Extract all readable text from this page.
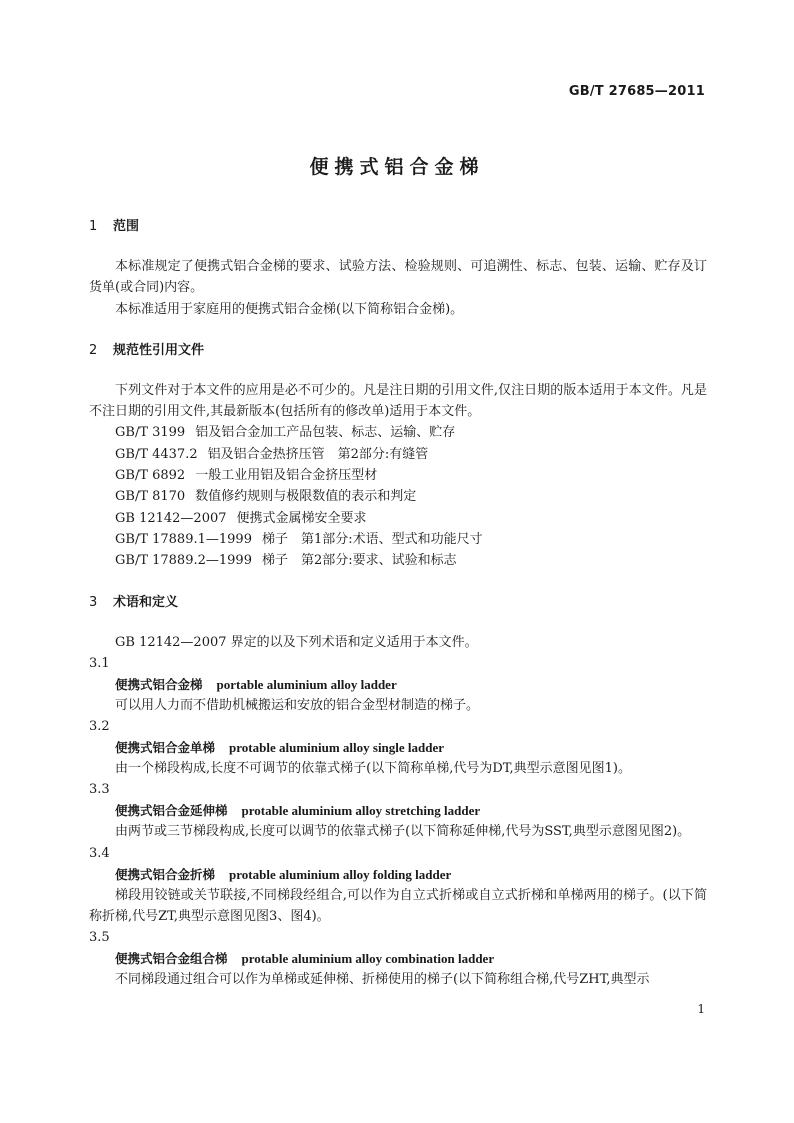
GB/T 27685—2011
便携式铝合金梯
1 范围
本标准规定了便携式铝合金梯的要求、试验方法、检验规则、可追溯性、标志、包装、运输、贮存及订货单(或合同)内容。
本标准适用于家庭用的便携式铝合金梯(以下简称铝合金梯)。
2 规范性引用文件
下列文件对于本文件的应用是必不可少的。凡是注日期的引用文件,仅注日期的版本适用于本文件。凡是不注日期的引用文件,其最新版本(包括所有的修改单)适用于本文件。
GB/T 3199 铝及铝合金加工产品包装、标志、运输、贮存
GB/T 4437.2 铝及铝合金热挤压管　第2部分:有缝管
GB/T 6892 一般工业用铝及铝合金挤压型材
GB/T 8170 数值修约规则与极限数值的表示和判定
GB 12142—2007 便携式金属梯安全要求
GB/T 17889.1—1999 梯子　第1部分:术语、型式和功能尺寸
GB/T 17889.2—1999 梯子　第2部分:要求、试验和标志
3 术语和定义
GB 12142—2007 界定的以及下列术语和定义适用于本文件。
3.1
便携式铝合金梯 portable aluminium alloy ladder
可以用人力而不借助机械搬运和安放的铝合金型材制造的梯子。
3.2
便携式铝合金单梯 protable aluminium alloy single ladder
由一个梯段构成,长度不可调节的依靠式梯子(以下简称单梯,代号为DT,典型示意图见图1)。
3.3
便携式铝合金延伸梯 protable aluminium alloy stretching ladder
由两节或三节梯段构成,长度可以调节的依靠式梯子(以下简称延伸梯,代号为SST,典型示意图见图2)。
3.4
便携式铝合金折梯 protable aluminium alloy folding ladder
梯段用铰链或关节联接,不同梯段经组合,可以作为自立式折梯或自立式折梯和单梯两用的梯子。(以下简称折梯,代号ZT,典型示意图见图3、图4)。
3.5
便携式铝合金组合梯 protable aluminium alloy combination ladder
不同梯段通过组合可以作为单梯或延伸梯、折梯使用的梯子(以下简称组合梯,代号ZHT,典型示
1
